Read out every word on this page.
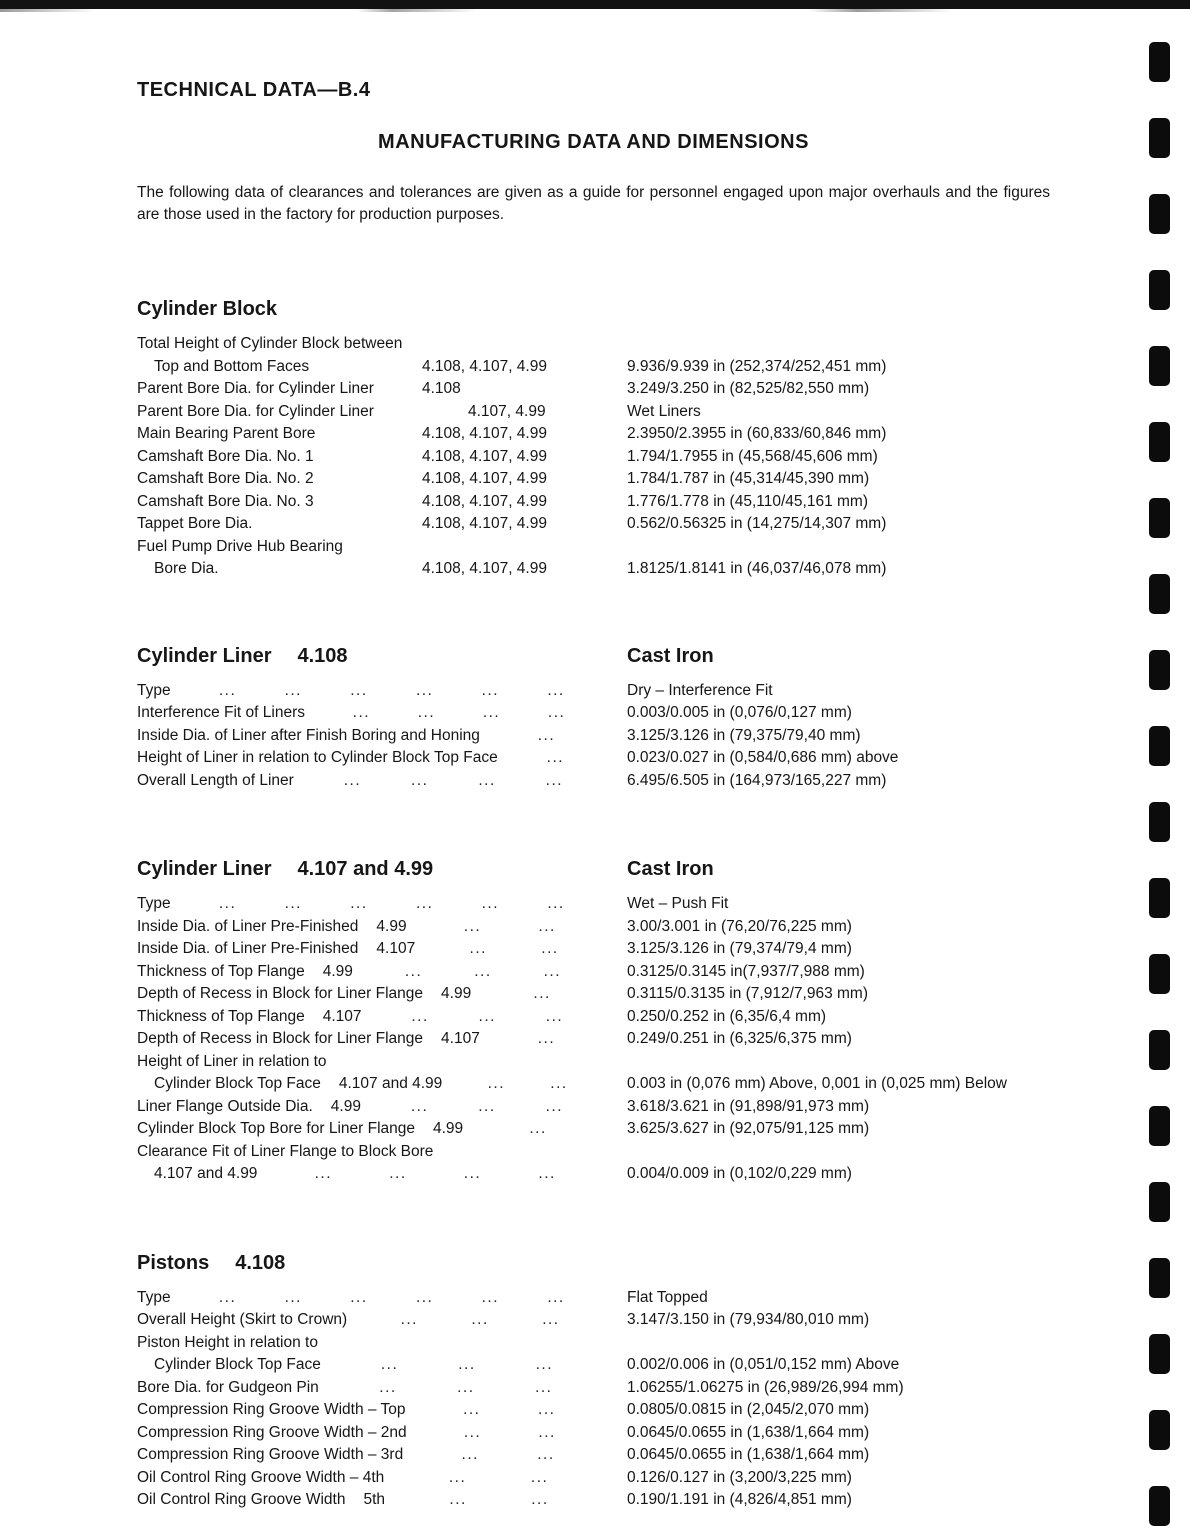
TECHNICAL DATA—B.4
MANUFACTURING DATA AND DIMENSIONS

The following data of clearances and tolerances are given as a guide for personnel engaged upon major overhauls and the figures are those used in the factory for production purposes.

Cylinder Block
Total Height of Cylinder Block between
Top and Bottom Faces	4.108, 4.107, 4.99	9.936/9.939 in (252,374/252,451 mm)
Parent Bore Dia. for Cylinder Liner	4.108	3.249/3.250 in (82,525/82,550 mm)
Parent Bore Dia. for Cylinder Liner	4.107, 4.99	Wet Liners
Main Bearing Parent Bore	4.108, 4.107, 4.99	2.3950/2.3955 in (60,833/60,846 mm)
Camshaft Bore Dia. No. 1	4.108, 4.107, 4.99	1.794/1.7955 in (45,568/45,606 mm)
Camshaft Bore Dia. No. 2	4.108, 4.107, 4.99	1.784/1.787 in (45,314/45,390 mm)
Camshaft Bore Dia. No. 3	4.108, 4.107, 4.99	1.776/1.778 in (45,110/45,161 mm)
Tappet Bore Dia.	4.108, 4.107, 4.99	0.562/0.56325 in (14,275/14,307 mm)
Fuel Pump Drive Hub Bearing
Bore Dia.	4.108, 4.107, 4.99	1.8125/1.8141 in (46,037/46,078 mm)
Cylinder Liner 4.108	Cast Iron
Type	...	...	...	...	...	...	Dry – Interference Fit
Interference Fit of Liners	...	...	...	...	0.003/0.005 in (0,076/0,127 mm)
Inside Dia. of Liner after Finish Boring and Honing	...	3.125/3.126 in (79,375/79,40 mm)
Height of Liner in relation to Cylinder Block Top Face	...	0.023/0.027 in (0,584/0,686 mm) above
Overall Length of Liner	...	...	...	...	6.495/6.505 in (164,973/165,227 mm)
Cylinder Liner 4.107 and 4.99	Cast Iron
Type	...	...	...	...	...	...	Wet – Push Fit
Inside Dia. of Liner Pre-Finished 4.99	...	...	3.00/3.001 in (76,20/76,225 mm)
Inside Dia. of Liner Pre-Finished 4.107	...	...	3.125/3.126 in (79,374/79,4 mm)
Thickness of Top Flange 4.99	...	...	...	0.3125/0.3145 in(7,937/7,988 mm)
Depth of Recess in Block for Liner Flange 4.99	...	0.3115/0.3135 in (7,912/7,963 mm)
Thickness of Top Flange 4.107	...	...	...	0.250/0.252 in (6,35/6,4 mm)
Depth of Recess in Block for Liner Flange 4.107	...	0.249/0.251 in (6,325/6,375 mm)
Height of Liner in relation to
Cylinder Block Top Face 4.107 and 4.99	...	...	0.003 in (0,076 mm) Above, 0,001 in (0,025 mm) Below
Liner Flange Outside Dia. 4.99	...	...	...	3.618/3.621 in (91,898/91,973 mm)
Cylinder Block Top Bore for Liner Flange 4.99	...	3.625/3.627 in (92,075/91,125 mm)
Clearance Fit of Liner Flange to Block Bore
4.107 and 4.99	...	...	...	...	0.004/0.009 in (0,102/0,229 mm)
Pistons 4.108
Type	...	...	...	...	...	...	Flat Topped
Overall Height (Skirt to Crown)	...	...	...	3.147/3.150 in (79,934/80,010 mm)
Piston Height in relation to
Cylinder Block Top Face	...	...	...	0.002/0.006 in (0,051/0,152 mm) Above
Bore Dia. for Gudgeon Pin	...	...	...	1.06255/1.06275 in (26,989/26,994 mm)
Compression Ring Groove Width – Top	...	...	0.0805/0.0815 in (2,045/2,070 mm)
Compression Ring Groove Width – 2nd	...	...	0.0645/0.0655 in (1,638/1,664 mm)
Compression Ring Groove Width – 3rd	...	...	0.0645/0.0655 in (1,638/1,664 mm)
Oil Control Ring Groove Width – 4th	...	...	0.126/0.127 in (3,200/3,225 mm)
Oil Control Ring Groove Width 5th	...	...	0.190/1.191 in (4,826/4,851 mm)
